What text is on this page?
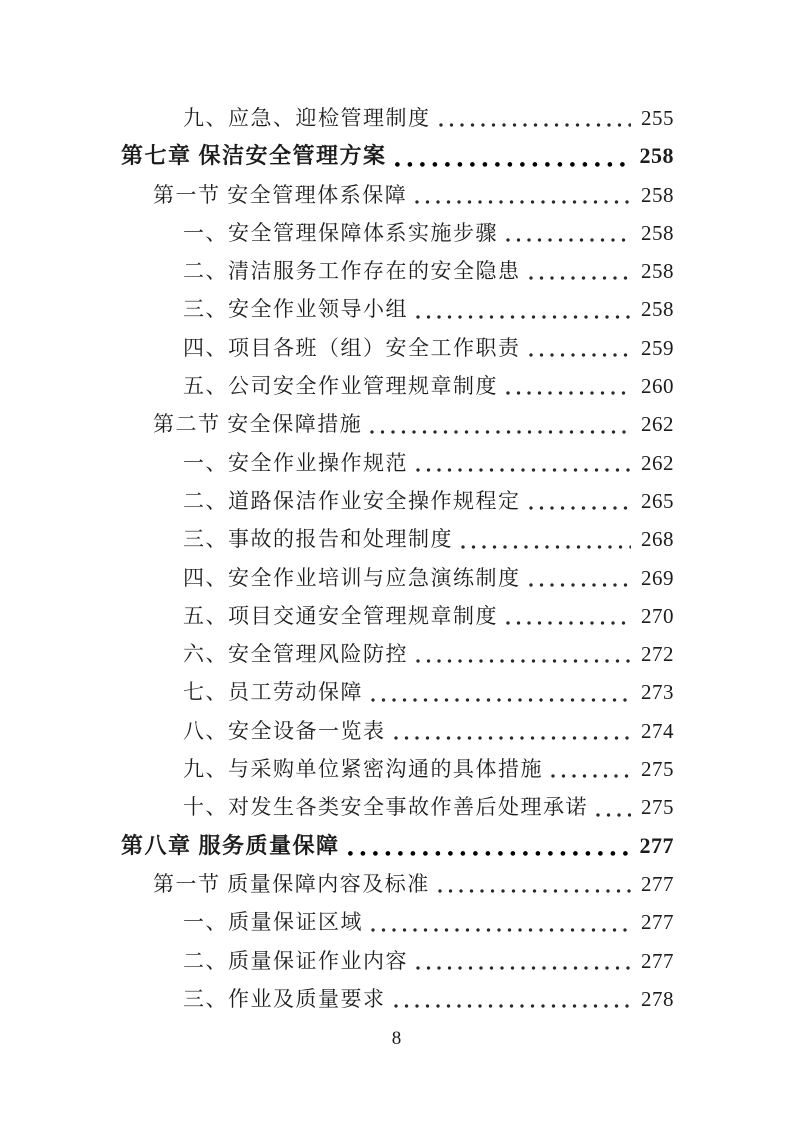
九、应急、迎检管理制度	255
第七章 保洁安全管理方案	258
第一节 安全管理体系保障	258
一、安全管理保障体系实施步骤	258
二、清洁服务工作存在的安全隐患	258
三、安全作业领导小组	258
四、项目各班（组）安全工作职责	259
五、公司安全作业管理规章制度	260
第二节 安全保障措施	262
一、安全作业操作规范	262
二、道路保洁作业安全操作规程定	265
三、事故的报告和处理制度	268
四、安全作业培训与应急演练制度	269
五、项目交通安全管理规章制度	270
六、安全管理风险防控	272
七、员工劳动保障	273
八、安全设备一览表	274
九、与采购单位紧密沟通的具体措施	275
十、对发生各类安全事故作善后处理承诺	275
第八章 服务质量保障	277
第一节 质量保障内容及标准	277
一、质量保证区域	277
二、质量保证作业内容	277
三、作业及质量要求	278
8
